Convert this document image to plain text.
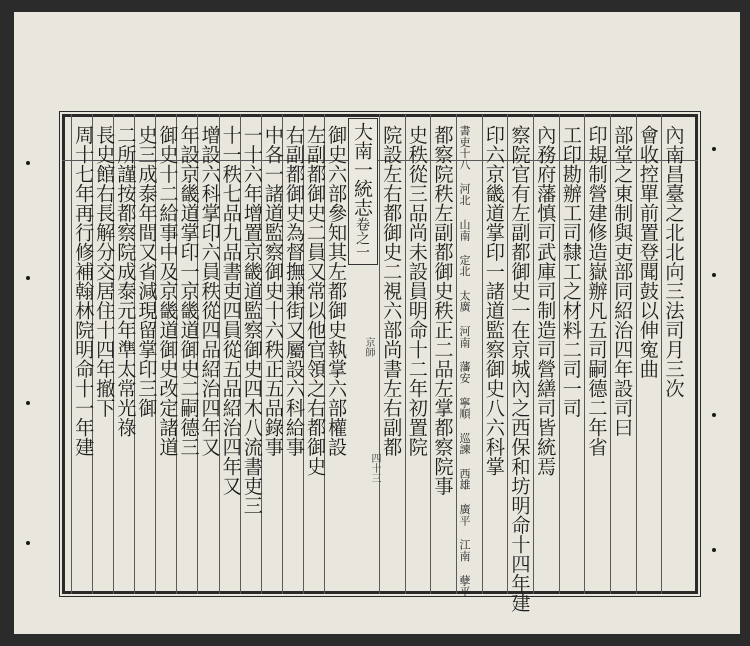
內南昌臺之北北向三法司月三次
會收控單前置登聞鼓以伸寃曲
部堂之東制與吏部同紹治四年設司曰
印規制營建修造嶽辦凡五司嗣德二年省
工印勘辦工司隸工之材料二司一司
內務府藩慎司武庫司制造司營繕司皆統焉
察院官有左副都御史一在京城內之西保和坊明命十四年建
印六京畿道掌印一諸道監察御史八六科掌
書吏十八 河北 山南 定北 太廣 河南 藩安 寧順 巡諫 西雄 廣平 江南 孽平
都察院秩左副都御史秩正二品左掌都察院事
史秩從三品尚未設員明命十二年初置院
院設左右都御史二視六部尚書左右副都
御史六部參知其左都御史執掌六部權設
左副都御史二員又常以他官領之右都御史
右副都御史為督撫兼街又屬設六科給事
中各一諸道監察御史十六秩正五品錄事
一十六年增置京畿道監察御史四木八流書吏三
十一秩七品九品書吏四員從五品紹治四年又
增設六科掌印六員秩從四品紹治四年又
年設京畿道掌印一京畿道御史二嗣德三
御史十二給事中及京畿道御史改定諸道
史三成泰年間又省減現留掌印三御
二所謹按都察院成泰元年準太常光祿
長史館右長解分交居住十四年撤下
周十七年再行修補翰林院明命十一年建	大南一統志卷之一
京師
四十三
